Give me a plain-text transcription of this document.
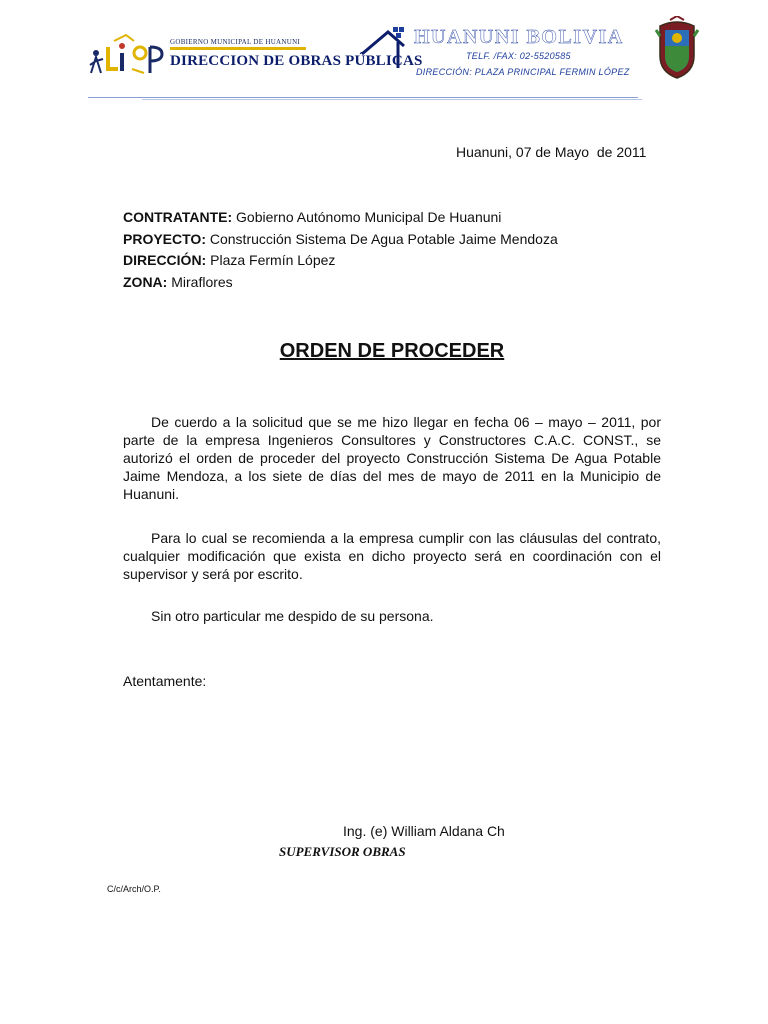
GOBIERNO MUNICIPAL DE HUANUNI
DIRECCION DE OBRAS PÚBLICAS
HUANUNI BOLIVIA
TELF. /FAX: 02-5520585
DIRECCIÓN: PLAZA PRINCIPAL FERMIN LÓPEZ
Huanuni, 07 de Mayo  de 2011
CONTRATANTE: Gobierno Autónomo Municipal De Huanuni
PROYECTO: Construcción Sistema De Agua Potable Jaime Mendoza
DIRECCIÓN: Plaza Fermín López
ZONA: Miraflores
ORDEN DE PROCEDER
De cuerdo a la solicitud que se me hizo llegar en fecha 06 – mayo – 2011, por parte de la empresa Ingenieros Consultores y Constructores C.A.C. CONST., se autorizó el orden de proceder del proyecto Construcción Sistema De Agua Potable Jaime Mendoza, a los siete de días del mes de mayo de 2011 en la Municipio de Huanuni.
Para lo cual se recomienda a la empresa cumplir con las cláusulas del contrato, cualquier modificación que exista en dicho proyecto será en coordinación con el supervisor y será por escrito.
Sin otro particular me despido de su persona.
Atentamente:
Ing. (e) William Aldana Ch
SUPERVISOR OBRAS
C/c/Arch/O.P.
